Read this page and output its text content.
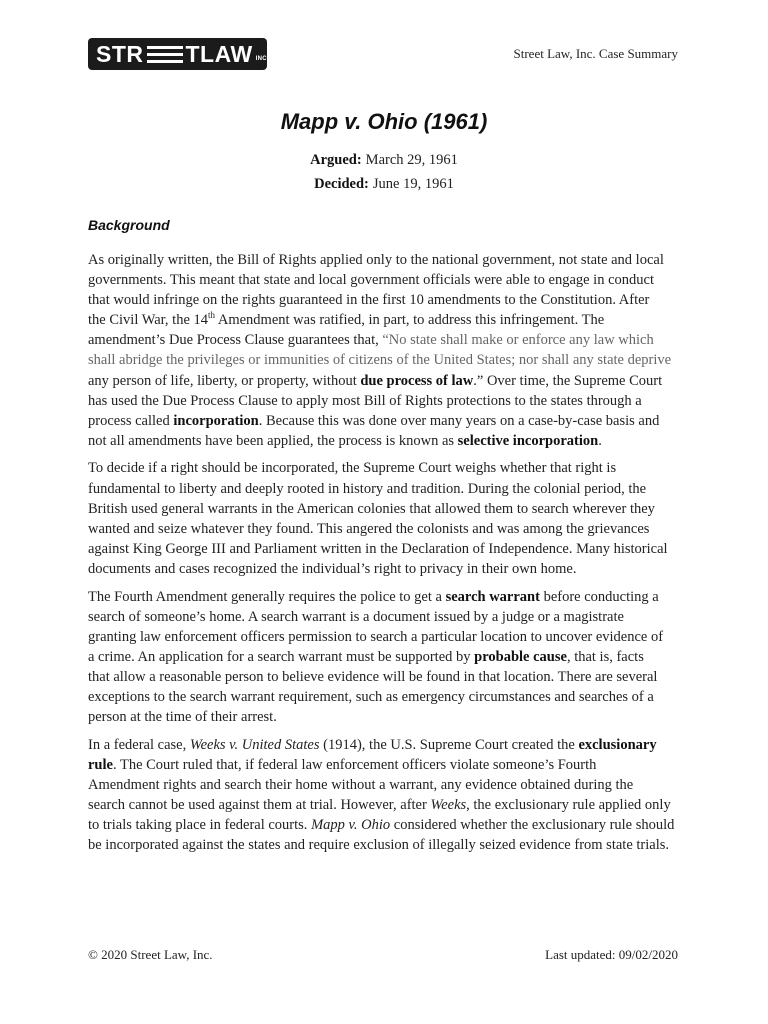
STR TLAW INC	Street Law, Inc. Case Summary
Mapp v. Ohio (1961)
Argued: March 29, 1961
Decided: June 19, 1961
Background
As originally written, the Bill of Rights applied only to the national government, not state and local
governments. This meant that state and local government officials were able to engage in conduct
that would infringe on the rights guaranteed in the first 10 amendments to the Constitution. After
the Civil War, the 14th Amendment was ratified, in part, to address this infringement. The
amendment’s Due Process Clause guarantees that, “No state shall make or enforce any law which
shall abridge the privileges or immunities of citizens of the United States; nor shall any state deprive
any person of life, liberty, or property, without due process of law.” Over time, the Supreme Court
has used the Due Process Clause to apply most Bill of Rights protections to the states through a
process called incorporation. Because this was done over many years on a case-by-case basis and
not all amendments have been applied, the process is known as selective incorporation.
To decide if a right should be incorporated, the Supreme Court weighs whether that right is
fundamental to liberty and deeply rooted in history and tradition. During the colonial period, the
British used general warrants in the American colonies that allowed them to search wherever they
wanted and seize whatever they found. This angered the colonists and was among the grievances
against King George III and Parliament written in the Declaration of Independence. Many historical
documents and cases recognized the individual’s right to privacy in their own home.
The Fourth Amendment generally requires the police to get a search warrant before conducting a
search of someone’s home. A search warrant is a document issued by a judge or a magistrate
granting law enforcement officers permission to search a particular location to uncover evidence of
a crime. An application for a search warrant must be supported by probable cause, that is, facts
that allow a reasonable person to believe evidence will be found in that location. There are several
exceptions to the search warrant requirement, such as emergency circumstances and searches of a
person at the time of their arrest.
In a federal case, Weeks v. United States (1914), the U.S. Supreme Court created the exclusionary
rule. The Court ruled that, if federal law enforcement officers violate someone’s Fourth
Amendment rights and search their home without a warrant, any evidence obtained during the
search cannot be used against them at trial. However, after Weeks, the exclusionary rule applied only
to trials taking place in federal courts. Mapp v. Ohio considered whether the exclusionary rule should
be incorporated against the states and require exclusion of illegally seized evidence from state trials.
© 2020 Street Law, Inc.	Last updated: 09/02/2020
